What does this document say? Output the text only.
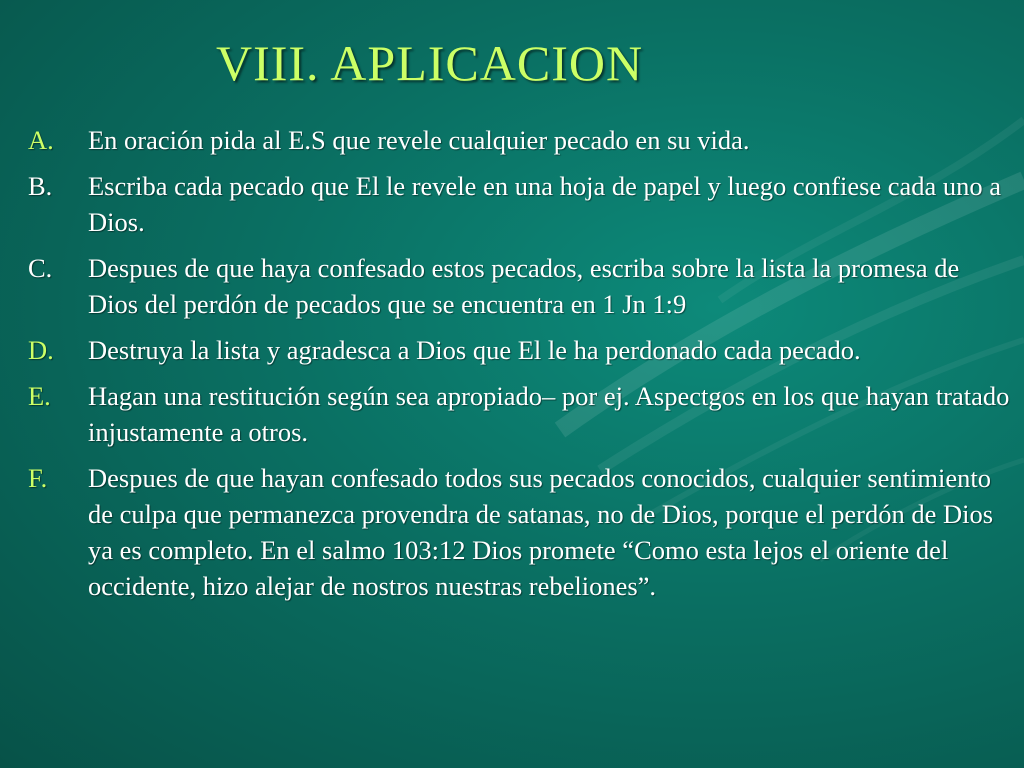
VIII. APLICACION
A.	En oración pida al E.S que revele cualquier pecado en su vida.
B.	Escriba cada pecado que El le revele en una hoja de papel y luego confiese cada uno a Dios.
C.	Despues de que haya confesado estos pecados, escriba sobre la lista la promesa de Dios del perdón de pecados que se encuentra en 1 Jn 1:9
D.	Destruya la lista y agradesca a Dios que El le ha perdonado cada pecado.
E.	Hagan una restitución según sea apropiado– por ej. Aspectgos en los que hayan tratado injustamente a otros.
F.	Despues de que hayan confesado todos sus pecados conocidos, cualquier sentimiento de culpa que permanezca provendra de satanas, no de Dios, porque el perdón de Dios ya es completo. En el salmo 103:12 Dios promete “Como esta lejos el oriente del occidente, hizo alejar de nostros nuestras rebeliones”.
